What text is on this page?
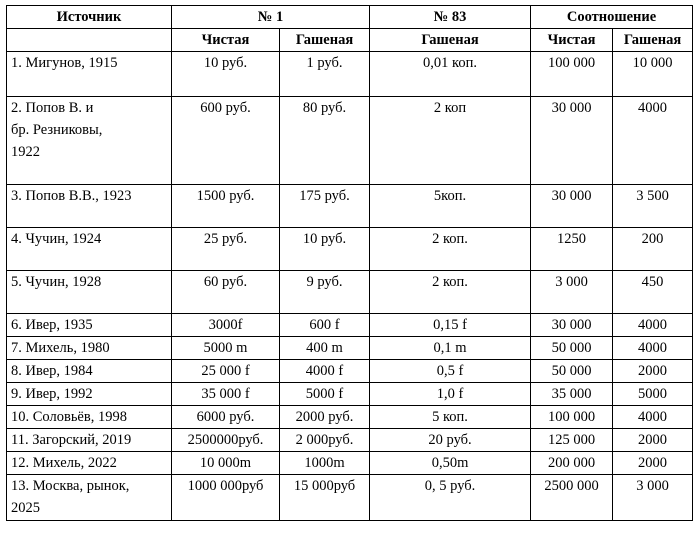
Источник	№ 1		№ 83	Соотношение	
	Чистая	Гашеная	Гашеная	Чистая	Гашеная

1. Мигунов, 1915	10 руб.	1 руб.	0,01 коп.	100 000	10 000

2. Попов В. и
бр. Резниковы,
1922	600 руб.	80 руб.	2 коп	30 000	4000

3. Попов В.В., 1923	1500 руб.	175 руб.	5коп.	30 000	3 500

4. Чучин, 1924	25 руб.	10 руб.	2 коп.	1250	200

5. Чучин, 1928	60 руб.	9 руб.	2 коп.	3 000	450

6. Ивер, 1935	3000f	600 f	0,15 f	30 000	4000

7. Михель, 1980	5000 m	400 m	0,1 m	50 000	4000

8. Ивер, 1984	25 000 f	4000 f	0,5 f	50 000	2000

9. Ивер, 1992	35 000 f	5000 f	1,0 f	35 000	5000

10. Соловьёв, 1998	6000 руб.	2000 руб.	5 коп.	100 000	4000

11. Загорский, 2019	2500000руб.	2 000руб.	20 руб.	125 000	2000

12. Михель, 2022	10 000m	1000m	0,50m	200 000	2000

13. Москва, рынок,
2025	1000 000руб	15 000руб	0, 5 руб.	2500 000	3 000
